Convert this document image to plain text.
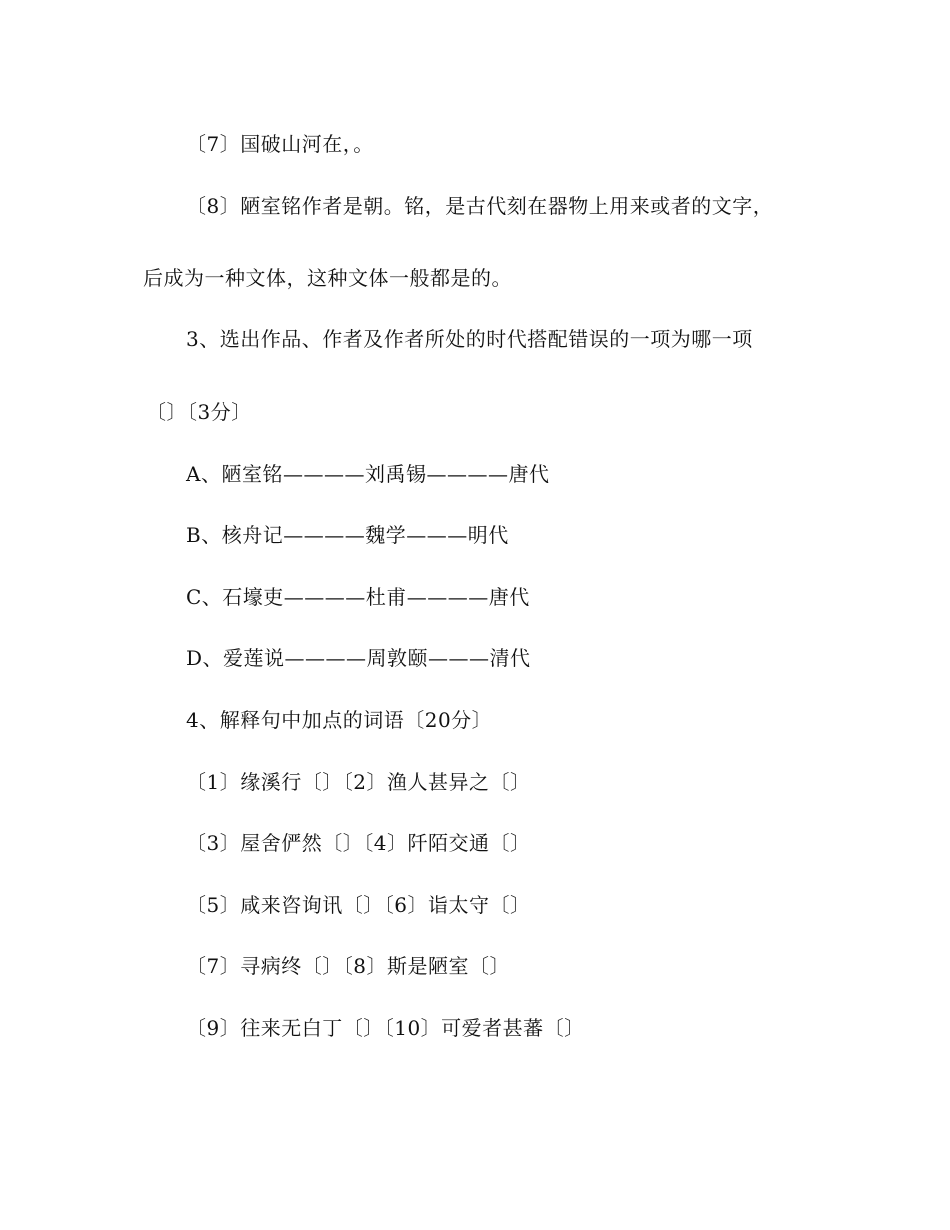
〔7〕国破山河在，。
〔8〕陋室铭作者是朝。铭，是古代刻在器物上用来或者的文字，
后成为一种文体，这种文体一般都是的。
3、选出作品、作者及作者所处的时代搭配错误的一项为哪一项
〔〕〔3分〕
A、陋室铭————刘禹锡————唐代
B、核舟记————魏学———明代
C、石壕吏————杜甫————唐代
D、爱莲说————周敦颐———清代
4、解释句中加点的词语〔20分〕
〔1〕缘溪行〔〕〔2〕渔人甚异之〔〕
〔3〕屋舍俨然〔〕〔4〕阡陌交通〔〕
〔5〕咸来咨询讯〔〕〔6〕诣太守〔〕
〔7〕寻病终〔〕〔8〕斯是陋室〔〕
〔9〕往来无白丁〔〕〔10〕可爱者甚蕃〔〕
